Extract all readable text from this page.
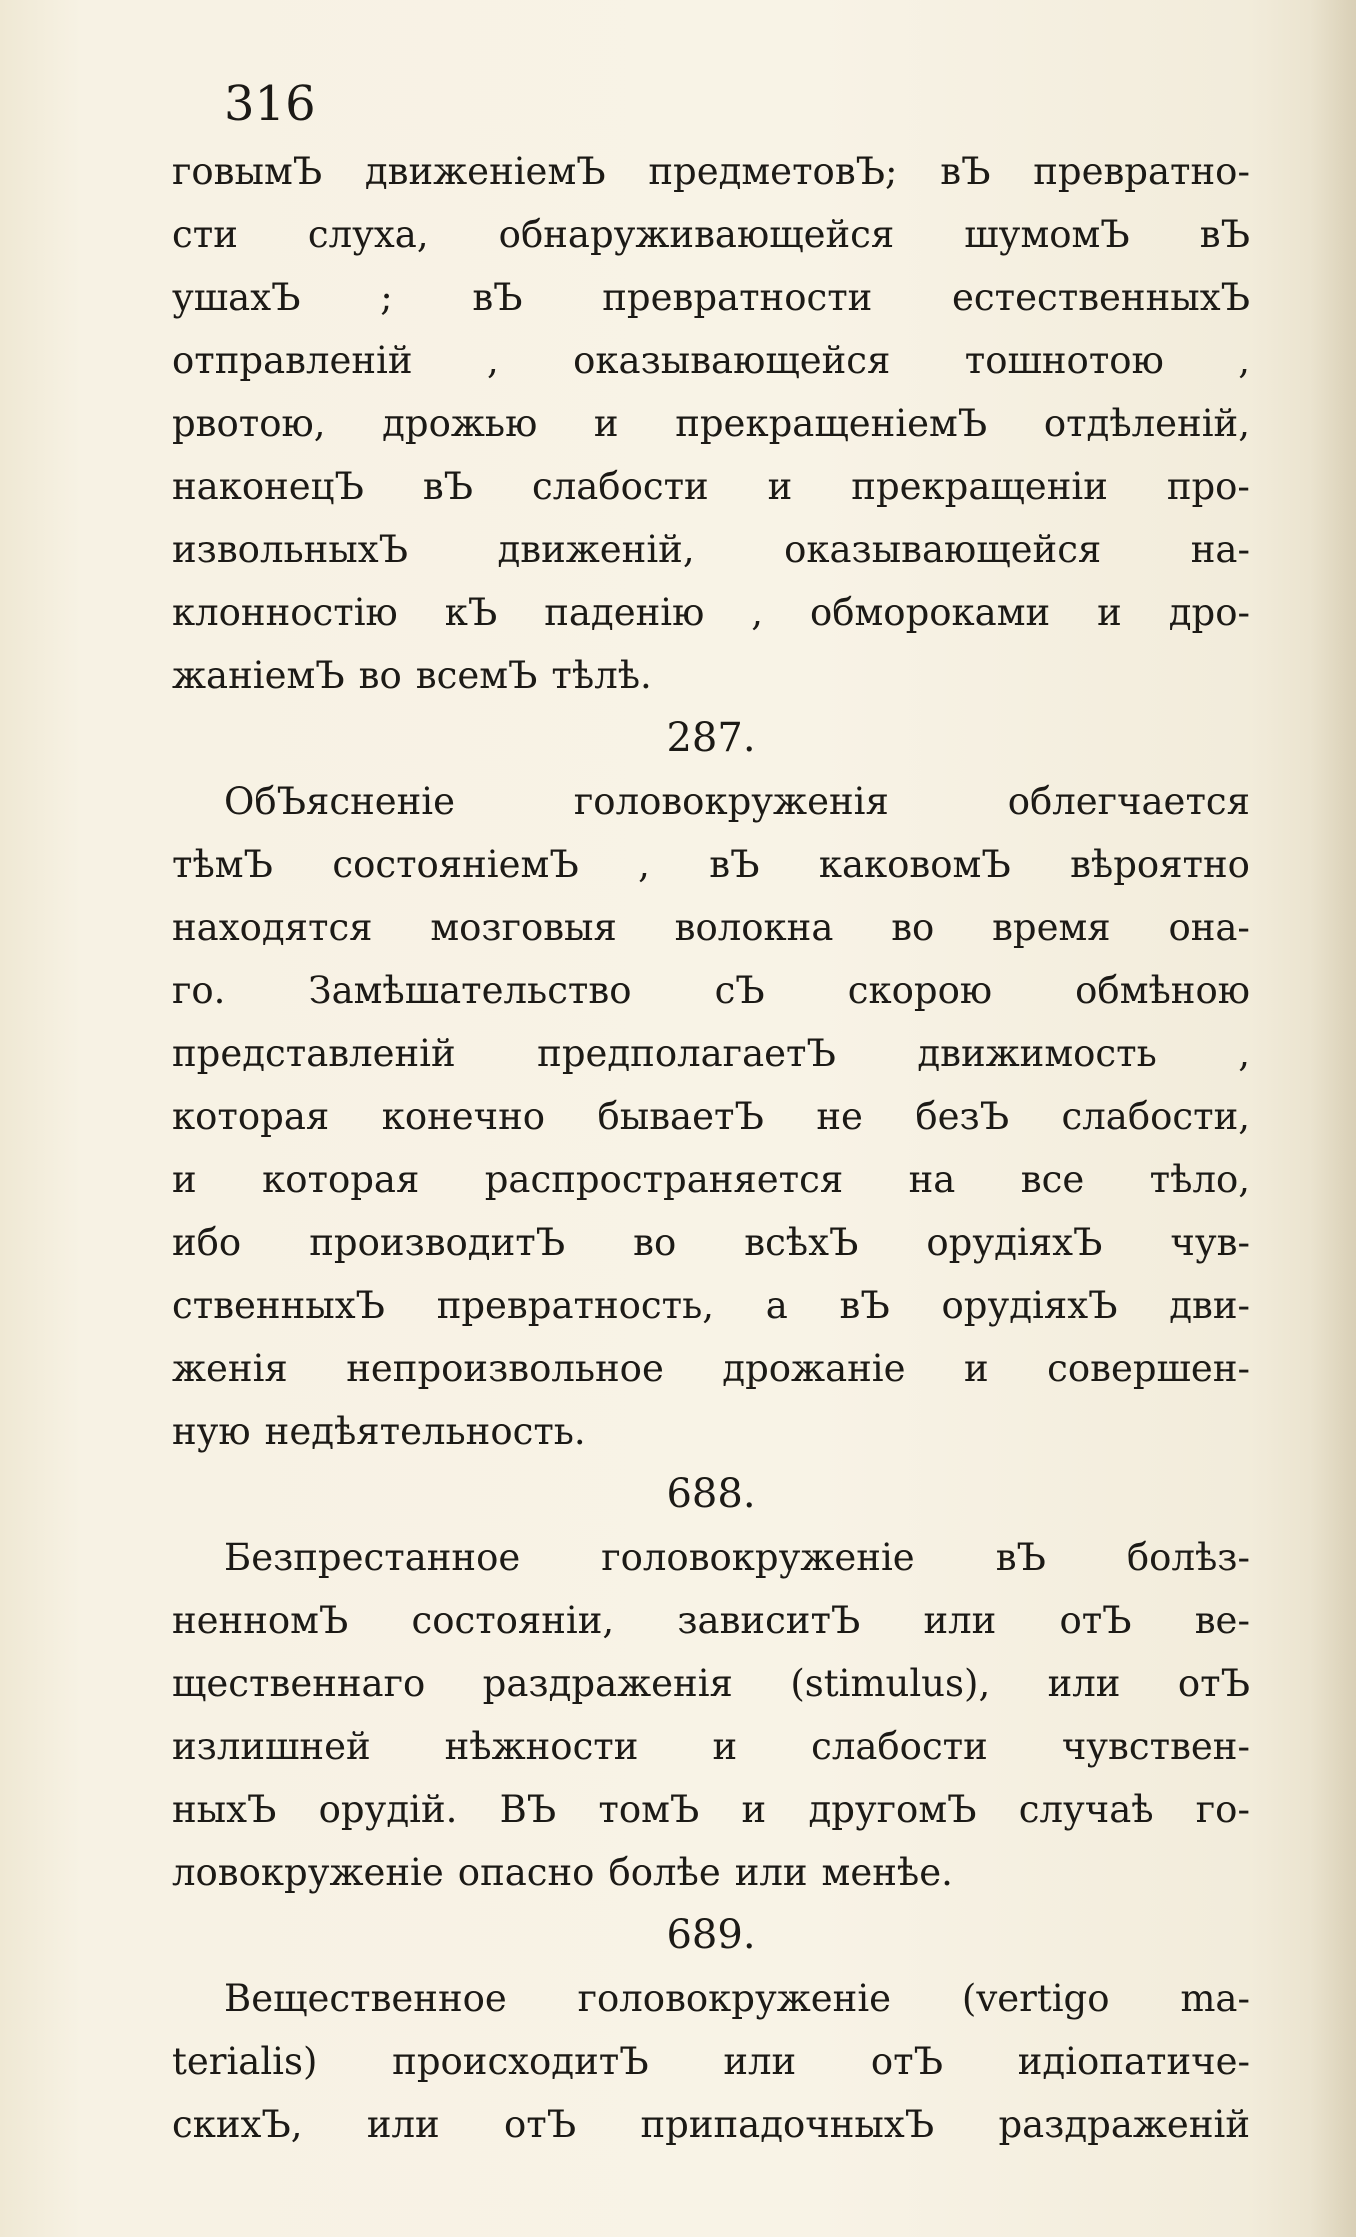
316
говымЪ движеніемЪ предметовЪ; вЪ превратно-
сти слуха, обнаруживающейся шумомЪ вЪ
ушахЪ ; вЪ превратности естественныхЪ
отправленій , оказывающейся тошнотою ,
рвотою, дрожью и прекращеніемЪ отдѣленій,
наконецЪ вЪ слабости и прекращеніи про-
извольныхЪ движеній, оказывающейся на-
клонностію кЪ паденію , обмороками и дро-
жаніемЪ во всемЪ тѣлѣ.
287.
ОбЪясненіе	головокруженія	облегчается
тѣмЪ состояніемЪ , вЪ каковомЪ вѣроятно
находятся мозговыя волокна во время она-
го. Замѣшательство сЪ скорою обмѣною
представленій предполагаетЪ движимость ,
которая конечно бываетЪ не безЪ слабости,
и которая распространяется на все тѣло,
ибо производитЪ во всѣхЪ орудіяхЪ чув-
ственныхЪ превратность, а вЪ орудіяхЪ дви-
женія непроизвольное дрожаніе и совершен-
ную недѣятельность.
688.
Безпрестанное головокруженіе вЪ болѣз-
ненномЪ состояніи, зависитЪ или отЪ ве-
щественнаго раздраженія (stimulus), или отЪ
излишней нѣжности и слабости чувствен-
ныхЪ орудій. ВЪ томЪ и другомЪ случаѣ го-
ловокруженіе опасно болѣе или менѣе.
689.
Вещественное головокруженіе (vertigo ma-
terialis) происходитЪ или отЪ идіопатиче-
скихЪ, или отЪ припадочныхЪ раздраженій
